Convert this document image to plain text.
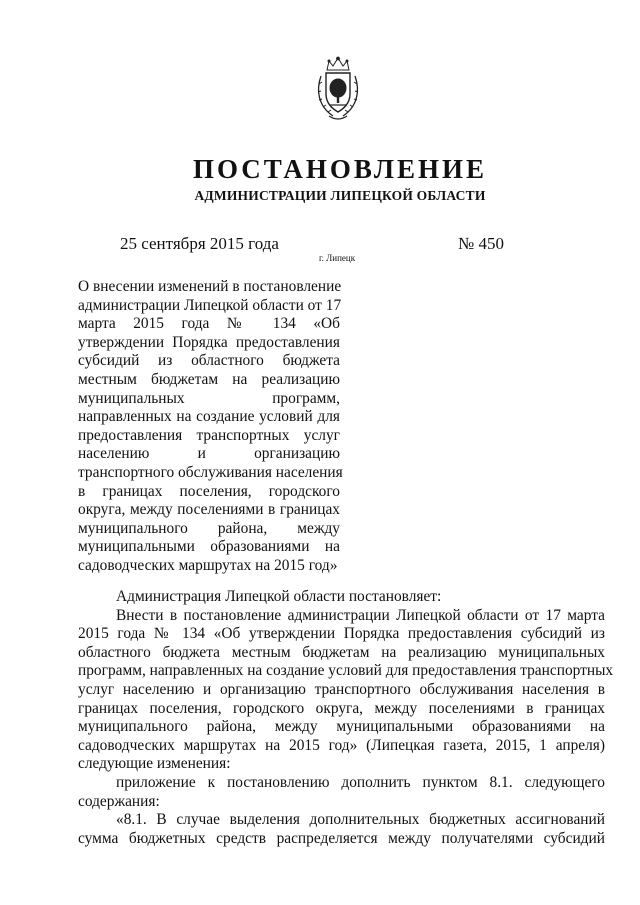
ПОСТАНОВЛЕНИЕ
АДМИНИСТРАЦИИ ЛИПЕЦКОЙ ОБЛАСТИ
25 сентября 2015 года
г. Липецк
№ 450
О внесении изменений в постановление
администрации Липецкой области от 17
марта 2015 года № 134 «Об
утверждении Порядка предоставления
субсидий из областного бюджета
местным бюджетам на реализацию
муниципальных программ,
направленных на создание условий для
предоставления транспортных услуг
населению и организацию
транспортного обслуживания населения
в границах поселения, городского
округа, между поселениями в границах
муниципального района, между
муниципальными образованиями на
садоводческих маршрутах на 2015 год»
Администрация Липецкой области постановляет:
Внести в постановление администрации Липецкой области от 17 марта
2015 года № 134 «Об утверждении Порядка предоставления субсидий из
областного бюджета местным бюджетам на реализацию муниципальных
программ, направленных на создание условий для предоставления транспортных
услуг населению и организацию транспортного обслуживания населения в
границах поселения, городского округа, между поселениями в границах
муниципального района, между муниципальными образованиями на
садоводческих маршрутах на 2015 год» (Липецкая газета, 2015, 1 апреля)
следующие изменения:
приложение к постановлению дополнить пунктом 8.1. следующего
содержания:
«8.1. В случае выделения дополнительных бюджетных ассигнований
сумма бюджетных средств распределяется между получателями субсидий
